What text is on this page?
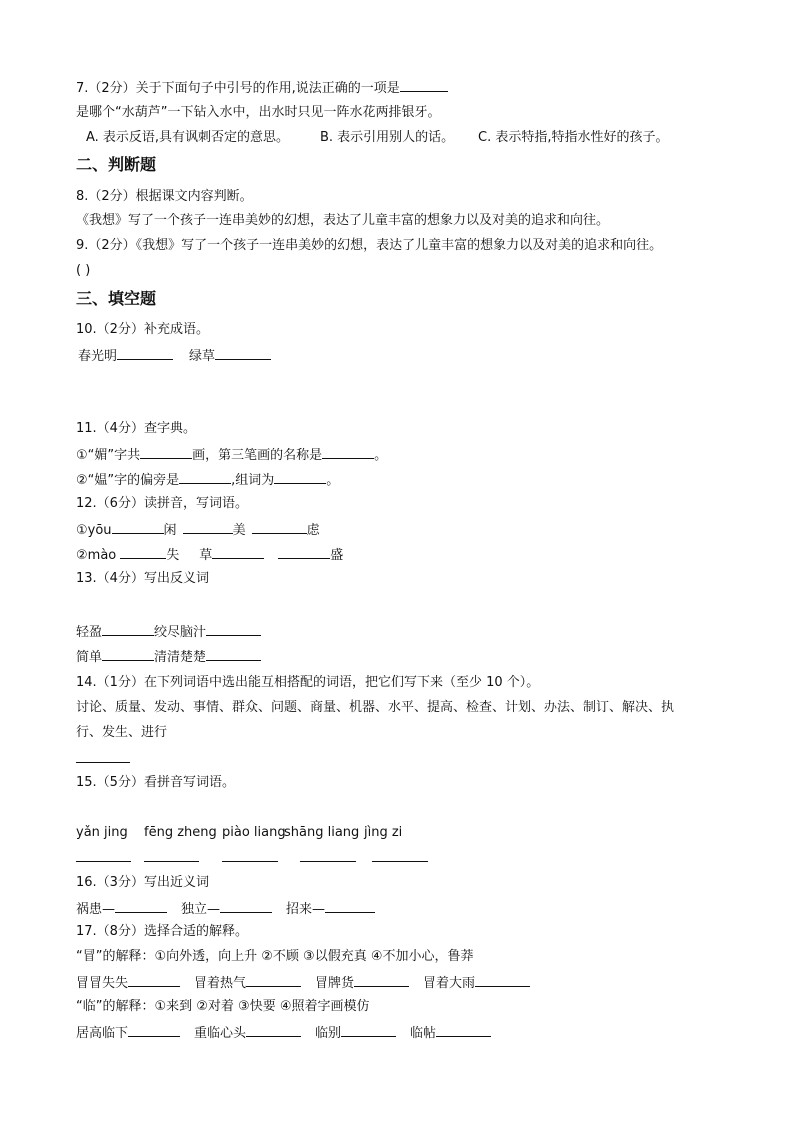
7.（2分）关于下面句子中引号的作用,说法正确的一项是
是哪个“水葫芦”一下钻入水中，出水时只见一阵水花两排银牙。
A. 表示反语,具有讽刺否定的意思。 B. 表示引用别人的话。 C. 表示特指,特指水性好的孩子。
二、判断题
8.（2分）根据课文内容判断。
《我想》写了一个孩子一连串美妙的幻想，表达了儿童丰富的想象力以及对美的追求和向往。
9.（2分）《我想》写了一个孩子一连串美妙的幻想，表达了儿童丰富的想象力以及对美的追求和向往。
( )
三、填空题
10.（2分）补充成语。
春光明	绿草
11.（4分）查字典。
①“媚”字共	画，第三笔画的名称是	。
②“媪”字的偏旁是	,组词为	。
12.（6分）读拼音，写词语。
①yōu	闲	美	虑
②mào	失 草	盛
13.（4分）写出反义词
轻盈	绞尽脑汁
简单	清清楚楚
14.（1分）在下列词语中选出能互相搭配的词语，把它们写下来（至少 10 个）。
讨论、质量、发动、事情、群众、问题、商量、机器、水平、提高、检查、计划、办法、制订、解决、执
行、发生、进行
15.（5分）看拼音写词语。
yǎn jing fēng zheng piào liang
shāng liang jìng zi
16.（3分）写出近义词
祸患—	独立—	招来—
17.（8分）选择合适的解释。
“冒”的解释：①向外透，向上升 ②不顾 ③以假充真 ④不加小心，鲁莽
冒冒失失	冒着热气	冒牌货	冒着大雨
“临”的解释：①来到 ②对着 ③快要 ④照着字画模仿
居高临下	重临心头	临别	临帖
